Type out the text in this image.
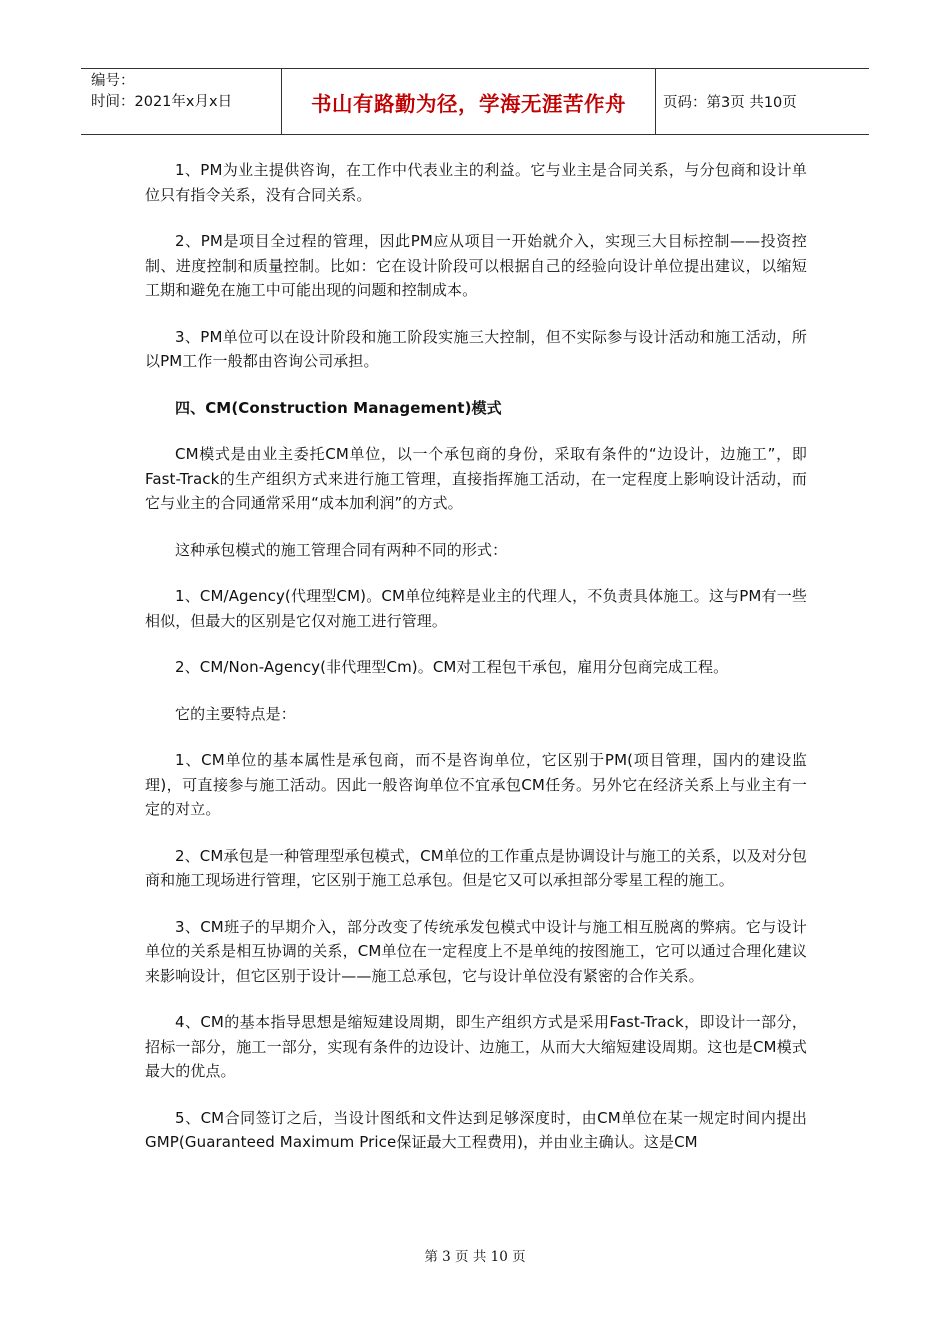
编号：
时间：2021年x月x日	书山有路勤为径，学海无涯苦作舟	页码：第3页 共10页

1、PM为业主提供咨询，在工作中代表业主的利益。它与业主是合同关系，与分包商和设计单位只有指令关系，没有合同关系。

2、PM是项目全过程的管理，因此PM应从项目一开始就介入，实现三大目标控制——投资控制、进度控制和质量控制。比如：它在设计阶段可以根据自己的经验向设计单位提出建议，以缩短工期和避免在施工中可能出现的问题和控制成本。

3、PM单位可以在设计阶段和施工阶段实施三大控制，但不实际参与设计活动和施工活动，所以PM工作一般都由咨询公司承担。

四、CM(Construction Management)模式

CM模式是由业主委托CM单位，以一个承包商的身份，采取有条件的“边设计，边施工”，即Fast-Track的生产组织方式来进行施工管理，直接指挥施工活动，在一定程度上影响设计活动，而它与业主的合同通常采用“成本加利润”的方式。

这种承包模式的施工管理合同有两种不同的形式：

1、CM/Agency(代理型CM)。CM单位纯粹是业主的代理人，不负责具体施工。这与PM有一些相似，但最大的区别是它仅对施工进行管理。

2、CM/Non-Agency(非代理型Cm)。CM对工程包干承包，雇用分包商完成工程。

它的主要特点是：

1、CM单位的基本属性是承包商，而不是咨询单位，它区别于PM(项目管理，国内的建设监理)，可直接参与施工活动。因此一般咨询单位不宜承包CM任务。另外它在经济关系上与业主有一定的对立。

2、CM承包是一种管理型承包模式，CM单位的工作重点是协调设计与施工的关系，以及对分包商和施工现场进行管理，它区别于施工总承包。但是它又可以承担部分零星工程的施工。

3、CM班子的早期介入，部分改变了传统承发包模式中设计与施工相互脱离的弊病。它与设计单位的关系是相互协调的关系，CM单位在一定程度上不是单纯的按图施工，它可以通过合理化建议来影响设计，但它区别于设计——施工总承包，它与设计单位没有紧密的合作关系。

4、CM的基本指导思想是缩短建设周期，即生产组织方式是采用Fast-Track，即设计一部分，招标一部分，施工一部分，实现有条件的边设计、边施工，从而大大缩短建设周期。这也是CM模式最大的优点。

5、CM合同签订之后，当设计图纸和文件达到足够深度时，由CM单位在某一规定时间内提出GMP(Guaranteed Maximum Price保证最大工程费用)，并由业主确认。这是CM

第 3 页 共 10 页
